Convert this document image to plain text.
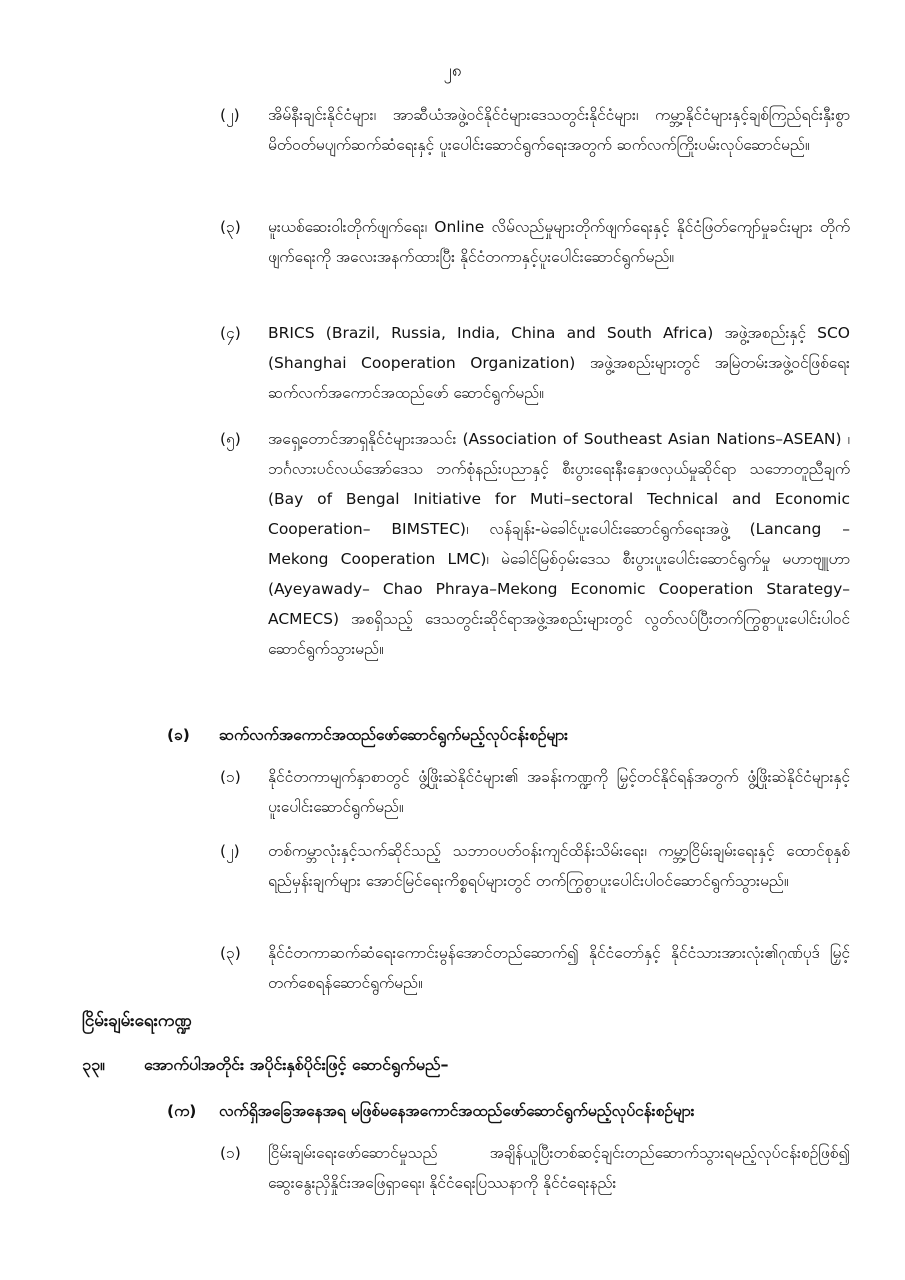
၂၈
(၂) အိမ်နီးချင်းနိုင်ငံများ၊ အာဆီယံအဖွဲ့ဝင်နိုင်ငံများဒေသတွင်းနိုင်ငံများ၊ ကမ္ဘာ့နိုင်ငံများနှင့်ချစ်ကြည်ရင်းနှီးစွာ မိတ်ဝတ်မပျက်ဆက်ဆံရေးနှင့် ပူးပေါင်းဆောင်ရွက်ရေးအတွက် ဆက်လက်ကြိုးပမ်းလုပ်ဆောင်မည်။
(၃) မူးယစ်ဆေးဝါးတိုက်ဖျက်ရေး၊ Online လိမ်လည်မှုများတိုက်ဖျက်ရေးနှင့် နိုင်ငံဖြတ်ကျော်မှုခင်းများ တိုက်ဖျက်ရေးကို အလေးအနက်ထားပြီး နိုင်ငံတကာနှင့်ပူးပေါင်းဆောင်ရွက်မည်။
(၄) BRICS (Brazil, Russia, India, China and South Africa) အဖွဲ့အစည်းနှင့် SCO (Shanghai Cooperation Organization) အဖွဲ့အစည်းများတွင် အမြဲတမ်းအဖွဲ့ဝင်ဖြစ်ရေး ဆက်လက်အကောင်အထည်ဖော် ဆောင်ရွက်မည်။
(၅) အရှေ့တောင်အာရှနိုင်ငံများအသင်း (Association of Southeast Asian Nations–ASEAN) ၊ ဘင်္ဂလားပင်လယ်အော်ဒေသ ဘက်စုံနည်းပညာနှင့် စီးပွားရေးနီးနှောဖလှယ်မှုဆိုင်ရာ သဘောတူညီချက် (Bay of Bengal Initiative for Muti–sectoral Technical and Economic Cooperation– BIMSTEC)၊ လန်ချန်း-မဲခေါင်ပူးပေါင်းဆောင်ရွက်ရေးအဖွဲ့ (Lancang – Mekong Cooperation LMC)၊ မဲခေါင်မြစ်ဝှမ်းဒေသ စီးပွားပူးပေါင်းဆောင်ရွက်မှု မဟာဗျူဟာ (Ayeyawady– Chao Phraya–Mekong Economic Cooperation Starategy– ACMECS) အစရှိသည့် ဒေသတွင်းဆိုင်ရာအဖွဲ့အစည်းများတွင် လွတ်လပ်ပြီးတက်ကြွစွာပူးပေါင်းပါဝင် ဆောင်ရွက်သွားမည်။
(ခ) ဆက်လက်အကောင်အထည်ဖော်ဆောင်ရွက်မည့်လုပ်ငန်းစဉ်များ
(၁) နိုင်ငံတကာမျက်နှာစာတွင် ဖွံ့ဖြိုးဆဲနိုင်ငံများ၏ အခန်းကဏ္ဍကို မြှင့်တင်နိုင်ရန်အတွက် ဖွံ့ဖြိုးဆဲနိုင်ငံများနှင့် ပူးပေါင်းဆောင်ရွက်မည်။
(၂) တစ်ကမ္ဘာလုံးနှင့်သက်ဆိုင်သည့် သဘာဝပတ်ဝန်းကျင်ထိန်းသိမ်းရေး၊ ကမ္ဘာ့ငြိမ်းချမ်းရေးနှင့် ထောင်စုနှစ်ရည်မှန်းချက်များ အောင်မြင်ရေးကိစ္စရပ်များတွင် တက်ကြွစွာပူးပေါင်းပါဝင်ဆောင်ရွက်သွားမည်။
(၃) နိုင်ငံတကာဆက်ဆံရေးကောင်းမွန်အောင်တည်ဆောက်၍ နိုင်ငံတော်နှင့် နိုင်ငံသားအားလုံး၏ဂုဏ်ပုဒ် မြှင့်တက်စေရန်ဆောင်ရွက်မည်။
ငြိမ်းချမ်းရေးကဏ္ဍ
၃၃။ အောက်ပါအတိုင်း အပိုင်းနှစ်ပိုင်းဖြင့် ဆောင်ရွက်မည်–
(က) လက်ရှိအခြေအနေအရ မဖြစ်မနေအကောင်အထည်ဖော်ဆောင်ရွက်မည့်လုပ်ငန်းစဉ်များ
(၁) ငြိမ်းချမ်းရေးဖော်ဆောင်မှုသည် အချိန်ယူပြီးတစ်ဆင့်ချင်းတည်ဆောက်သွားရမည့်လုပ်ငန်းစဉ်ဖြစ်၍ ဆွေးနွေးညှိနှိုင်းအဖြေရှာရေး၊ နိုင်ငံရေးပြဿနာကို နိုင်ငံရေးနည်း
